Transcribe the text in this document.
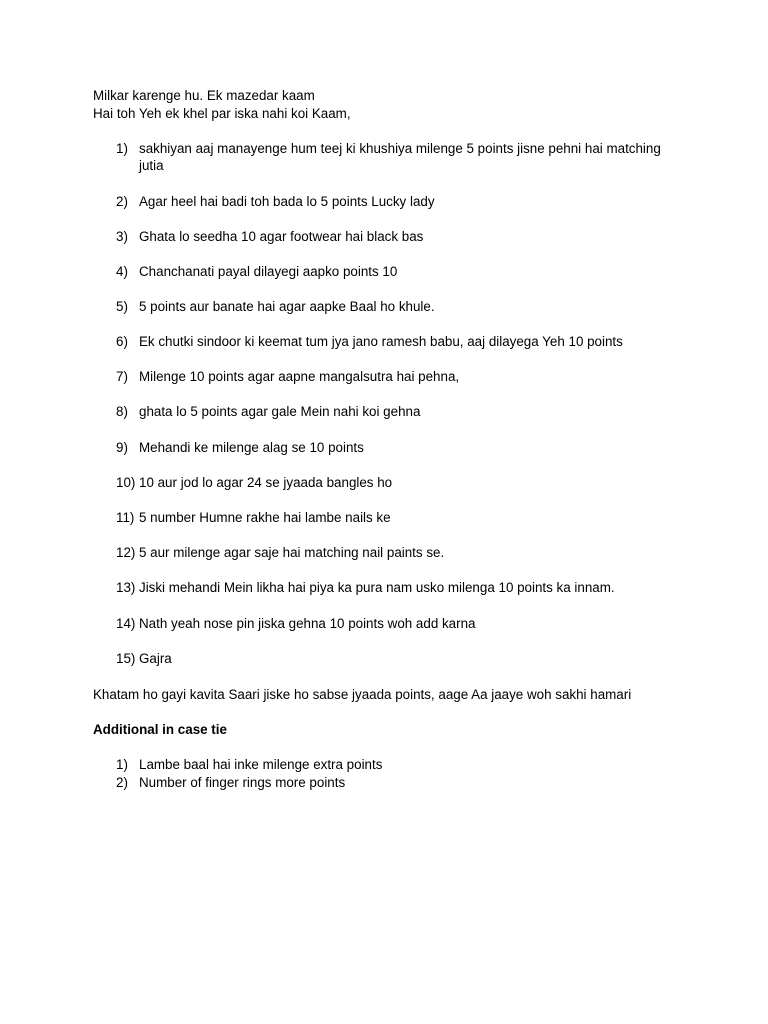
Milkar karenge hu. Ek mazedar kaam
Hai toh Yeh ek khel par iska nahi koi Kaam,
1) sakhiyan aaj manayenge hum teej ki khushiya milenge 5 points jisne pehni hai matching jutia
2) Agar heel hai badi toh bada lo 5 points Lucky lady
3) Ghata lo seedha 10 agar footwear hai black bas
4) Chanchanati payal dilayegi aapko points 10
5) 5 points aur banate hai agar aapke Baal ho khule.
6) Ek chutki sindoor ki keemat tum jya jano ramesh babu, aaj dilayega Yeh 10 points
7) Milenge 10 points agar aapne mangalsutra hai pehna,
8) ghata lo 5 points agar gale Mein nahi koi gehna
9) Mehandi ke milenge alag se 10 points
10) 10 aur jod lo agar 24 se jyaada bangles ho
11) 5 number Humne rakhe hai lambe nails ke
12) 5 aur milenge agar saje hai matching nail paints se.
13) Jiski mehandi Mein likha hai piya ka pura nam usko milenga 10 points ka innam.
14) Nath yeah nose pin jiska gehna 10 points woh add karna
15) Gajra
Khatam ho gayi kavita Saari jiske ho sabse jyaada points, aage Aa jaaye woh sakhi hamari
Additional in case tie
1) Lambe baal hai inke milenge extra points
2) Number of finger rings more points
